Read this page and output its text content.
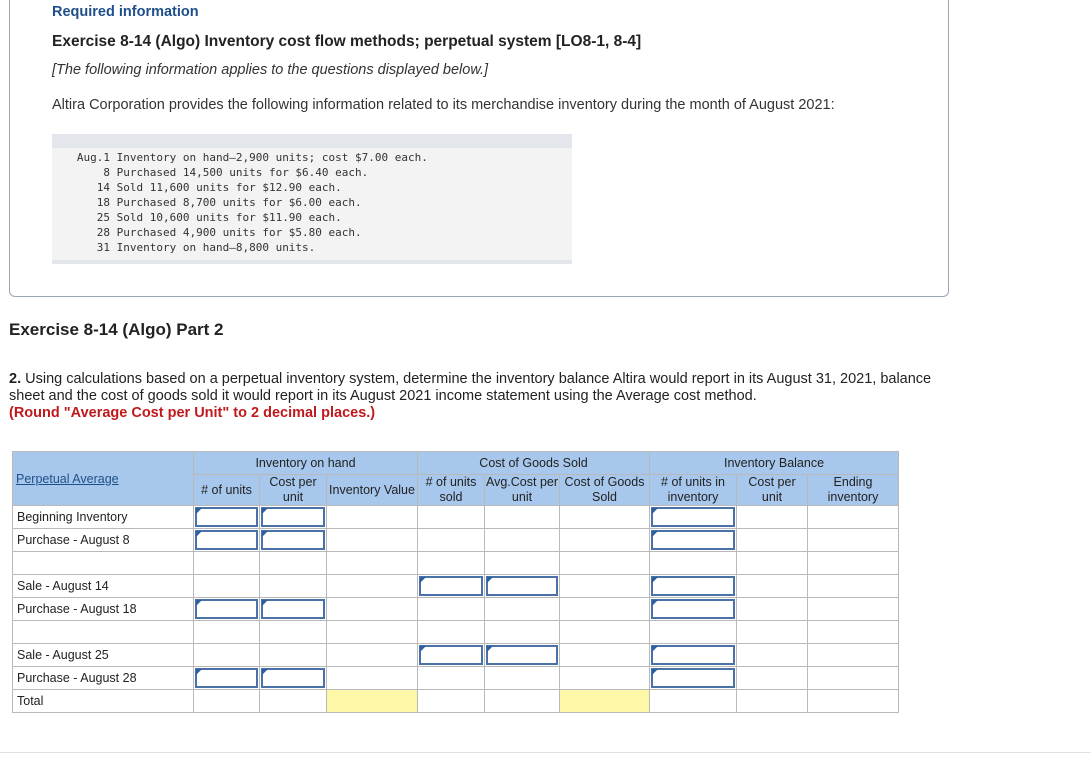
Required information
Exercise 8-14 (Algo) Inventory cost flow methods; perpetual system [LO8-1, 8-4]
[The following information applies to the questions displayed below.]
Altira Corporation provides the following information related to its merchandise inventory during the month of August 2021:
Aug.1 Inventory on hand—2,900 units; cost $7.00 each.
8 Purchased 14,500 units for $6.40 each.
14 Sold 11,600 units for $12.90 each.
18 Purchased 8,700 units for $6.00 each.
25 Sold 10,600 units for $11.90 each.
28 Purchased 4,900 units for $5.80 each.
31 Inventory on hand—8,800 units.
Exercise 8-14 (Algo) Part 2
2. Using calculations based on a perpetual inventory system, determine the inventory balance Altira would report in its August 31, 2021, balance sheet and the cost of goods sold it would report in its August 2021 income statement using the Average cost method.
(Round "Average Cost per Unit" to 2 decimal places.)
Perpetual Average	Inventory on hand			Cost of Goods Sold			Inventory Balance		
	# of units	Cost per unit	Inventory Value	# of units sold	Avg.Cost per unit	Cost of Goods Sold	# of units in inventory	Cost per unit	Ending inventory
Beginning Inventory									
Purchase - August 8									

Sale - August 14									
Purchase - August 18									

Sale - August 25									
Purchase - August 28									
Total									
